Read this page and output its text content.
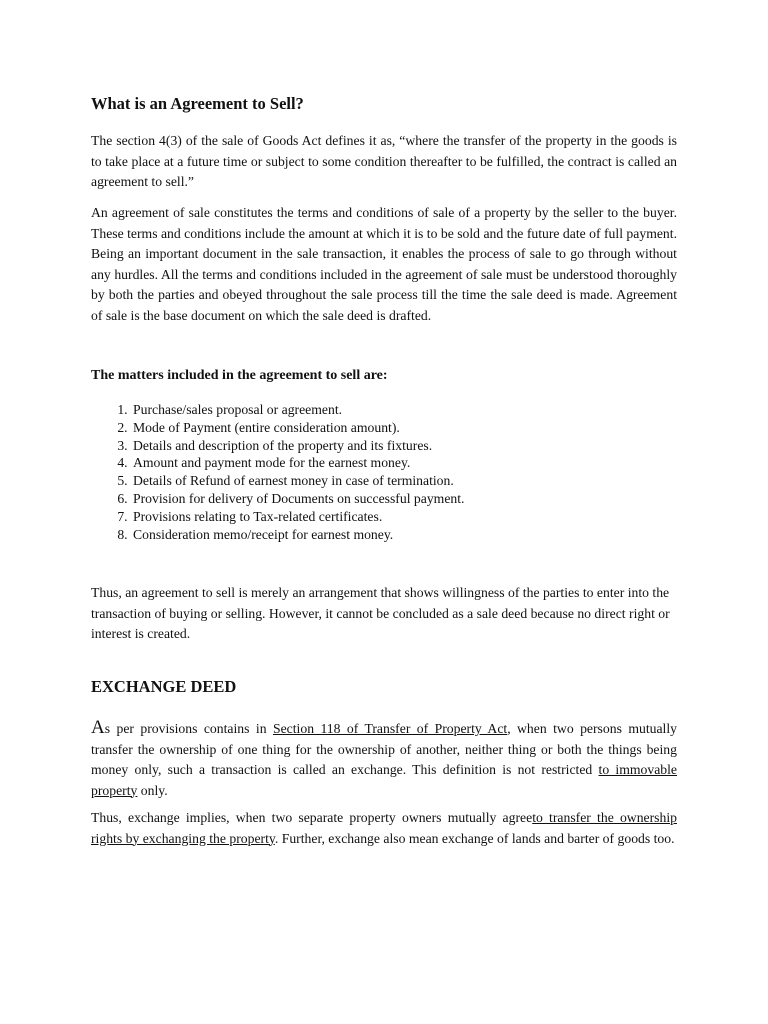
What is an Agreement to Sell?

The section 4(3) of the sale of Goods Act defines it as, “where the transfer of the property in the goods is to take place at a future time or subject to some condition thereafter to be fulfilled, the contract is called an agreement to sell.”

An agreement of sale constitutes the terms and conditions of sale of a property by the seller to the buyer. These terms and conditions include the amount at which it is to be sold and the future date of full payment. Being an important document in the sale transaction, it enables the process of sale to go through without any hurdles. All the terms and conditions included in the agreement of sale must be understood thoroughly by both the parties and obeyed throughout the sale process till the time the sale deed is made. Agreement of sale is the base document on which the sale deed is drafted.

The matters included in the agreement to sell are:

1. Purchase/sales proposal or agreement.
2. Mode of Payment (entire consideration amount).
3. Details and description of the property and its fixtures.
4. Amount and payment mode for the earnest money.
5. Details of Refund of earnest money in case of termination.
6. Provision for delivery of Documents on successful payment.
7. Provisions relating to Tax-related certificates.
8. Consideration memo/receipt for earnest money.

Thus, an agreement to sell is merely an arrangement that shows willingness of the parties to enter into the transaction of buying or selling. However, it cannot be concluded as a sale deed because no direct right or interest is created.

EXCHANGE DEED

As per provisions contains in Section 118 of Transfer of Property Act, when two persons mutually transfer the ownership of one thing for the ownership of another, neither thing or both the things being money only, such a transaction is called an exchange. This definition is not restricted to immovable property only.

Thus, exchange implies, when two separate property owners mutually agreeto transfer the ownership rights by exchanging the property. Further, exchange also mean exchange of lands and barter of goods too.
